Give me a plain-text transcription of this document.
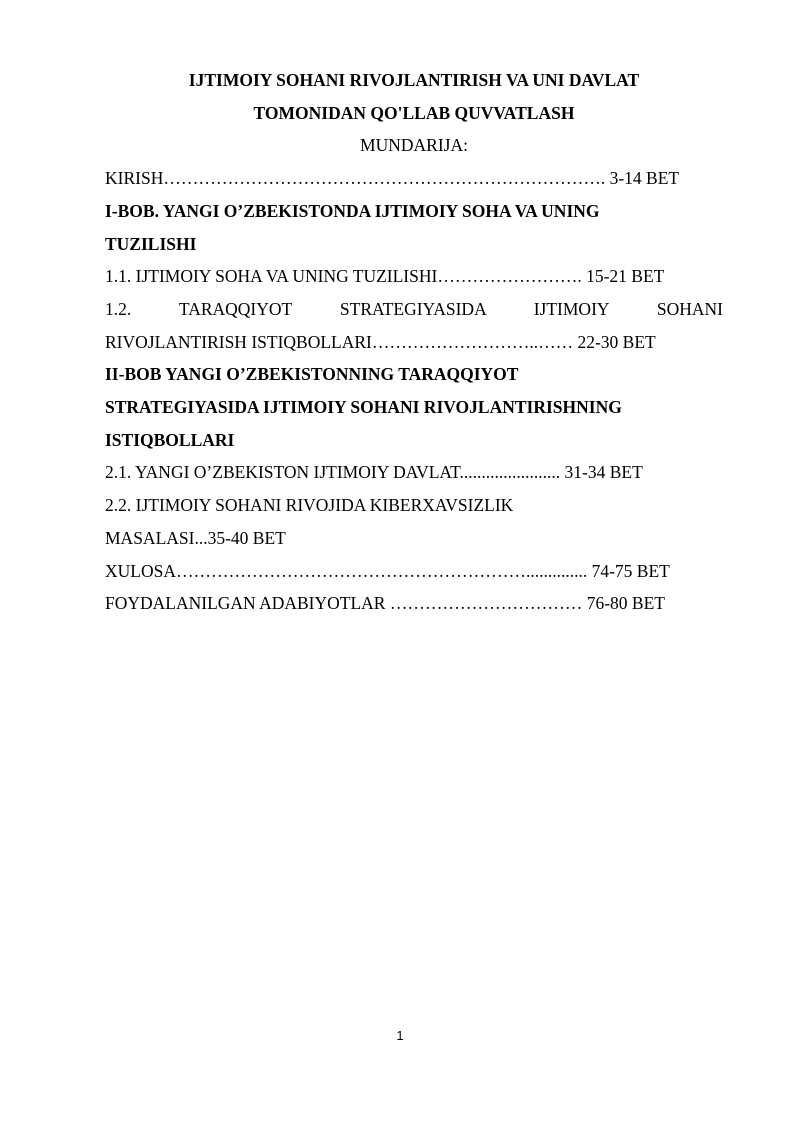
IJTIMOIY SOHANI RIVOJLANTIRISH VA UNI DAVLAT

TOMONIDAN QO'LLAB QUVVATLASH

MUNDARIJA:

KIRISH…………………………………………………………………. 3-14 BET

I-BOB. YANGI O’ZBEKISTONDA IJTIMOIY SOHA VA UNING

TUZILISHI

1.1. IJTIMOIY SOHA VA UNING TUZILISHI……………………. 15-21 BET

1.2. TARAQQIYOT STRATEGIYASIDA IJTIMOIY SOHANI

RIVOJLANTIRISH ISTIQBOLLARI………………………..…… 22-30 BET

II-BOB YANGI O’ZBEKISTONNING TARAQQIYOT

STRATEGIYASIDA IJTIMOIY SOHANI RIVOJLANTIRISHNING

ISTIQBOLLARI

2.1. YANGI O’ZBEKISTON IJTIMOIY DAVLAT....................... 31-34 BET

2.2. IJTIMOIY SOHANI RIVOJIDA KIBERXAVSIZLIK

MASALASI...35-40 BET

XULOSA…………………………………………………….............. 74-75 BET

FOYDALANILGAN ADABIYOTLAR …………………………… 76-80 BET

1
